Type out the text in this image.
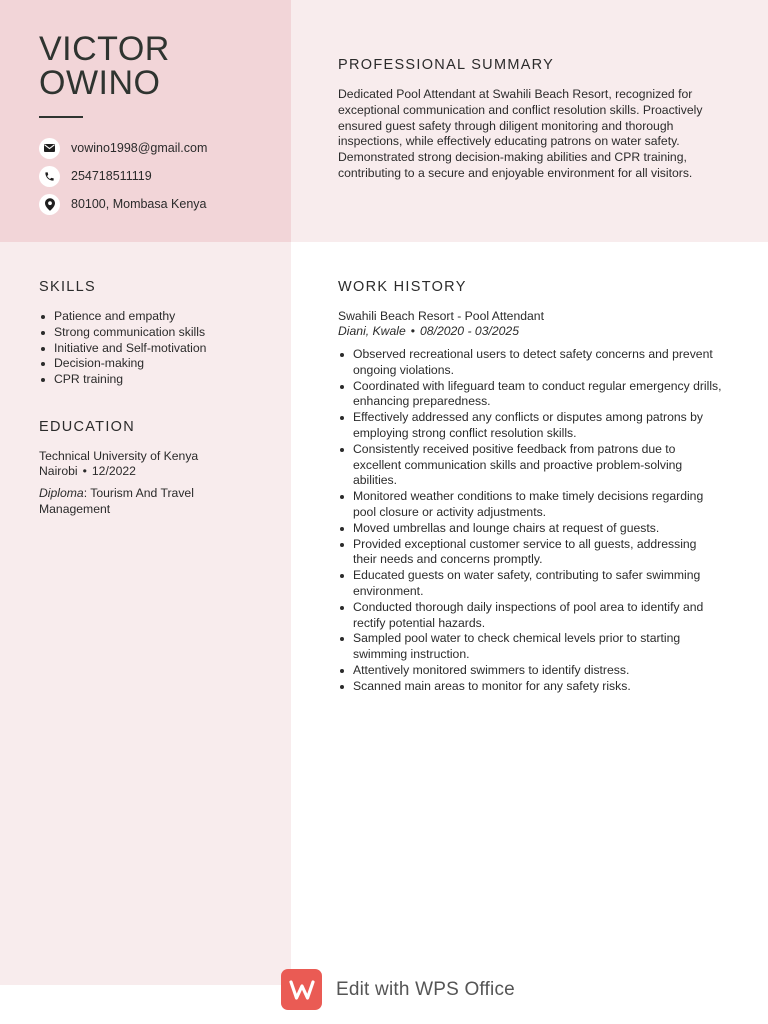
VICTOR
OWINO
vowino1998@gmail.com
254718511119
80100, Mombasa Kenya
PROFESSIONAL SUMMARY
Dedicated Pool Attendant at Swahili Beach Resort, recognized for exceptional communication and conflict resolution skills. Proactively ensured guest safety through diligent monitoring and thorough inspections, while effectively educating patrons on water safety. Demonstrated strong decision-making abilities and CPR training, contributing to a secure and enjoyable environment for all visitors.
SKILLS
Patience and empathy
Strong communication skills
Initiative and Self-motivation
Decision-making
CPR training
EDUCATION
Technical University of Kenya
Nairobi • 12/2022
Diploma: Tourism And Travel Management
WORK HISTORY
Swahili Beach Resort - Pool Attendant
Diani, Kwale • 08/2020 - 03/2025
Observed recreational users to detect safety concerns and prevent ongoing violations.
Coordinated with lifeguard team to conduct regular emergency drills, enhancing preparedness.
Effectively addressed any conflicts or disputes among patrons by employing strong conflict resolution skills.
Consistently received positive feedback from patrons due to excellent communication skills and proactive problem-solving abilities.
Monitored weather conditions to make timely decisions regarding pool closure or activity adjustments.
Moved umbrellas and lounge chairs at request of guests.
Provided exceptional customer service to all guests, addressing their needs and concerns promptly.
Educated guests on water safety, contributing to safer swimming environment.
Conducted thorough daily inspections of pool area to identify and rectify potential hazards.
Sampled pool water to check chemical levels prior to starting swimming instruction.
Attentively monitored swimmers to identify distress.
Scanned main areas to monitor for any safety risks.
Edit with WPS Office
